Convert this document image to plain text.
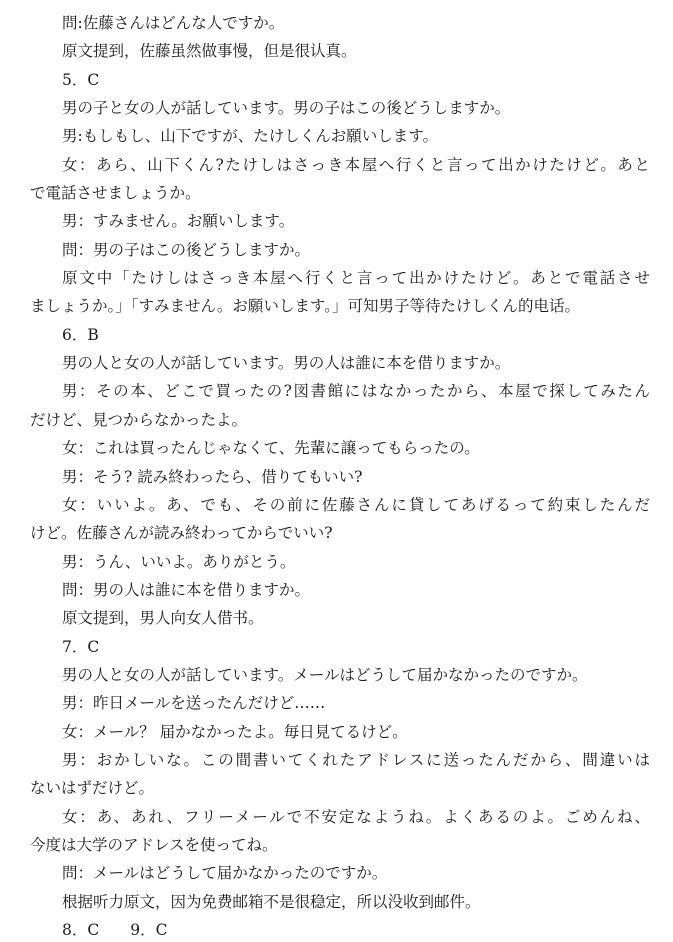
問:佐藤さんはどんな人ですか。
原文提到，佐藤虽然做事慢，但是很认真。
5．C
男の子と女の人が話しています。男の子はこの後どうしますか。
男:もしもし、山下ですが、たけしくんお願いします。
女：あら、山下くん?たけしはさっき本屋へ行くと言って出かけたけど。あと
で電話させましょうか。
男：すみません。お願いします。
問：男の子はこの後どうしますか。
原文中「たけしはさっき本屋へ行くと言って出かけたけど。あとで電話させ
ましょうか。」「すみません。お願いします。」可知男子等待たけしくん的电话。
6．B
男の人と女の人が話しています。男の人は誰に本を借りますか。
男：その本、どこで買ったの?図書館にはなかったから、本屋で探してみたん
だけど、見つからなかったよ。
女：これは買ったんじゃなくて、先輩に譲ってもらったの。
男：そう? 読み終わったら、借りてもいい?
女：いいよ。あ、でも、その前に佐藤さんに貸してあげるって約束したんだ
けど。佐藤さんが読み終わってからでいい?
男：うん、いいよ。ありがとう。
問：男の人は誰に本を借りますか。
原文提到，男人向女人借书。
7．C
男の人と女の人が話しています。メールはどうして届かなかったのですか。
男：昨日メールを送ったんだけど……
女：メール？ 届かなかったよ。毎日見てるけど。
男：おかしいな。この間書いてくれたアドレスに送ったんだから、間違いは
ないはずだけど。
女：あ、あれ、フリーメールで不安定なようね。よくあるのよ。ごめんね、
今度は大学のアドレスを使ってね。
問：メールはどうして届かなかったのですか。
根据听力原文，因为免费邮箱不是很稳定，所以没收到邮件。
8．C　　9．C
